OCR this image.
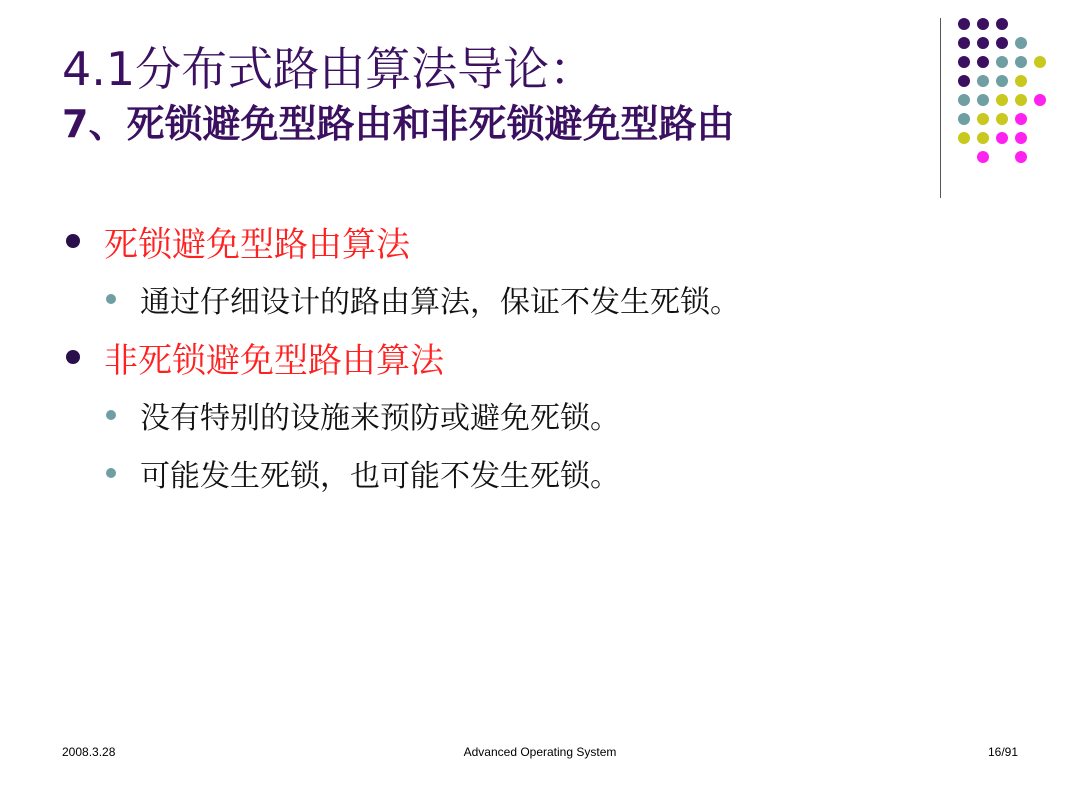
4.1分布式路由算法导论：
7、死锁避免型路由和非死锁避免型路由
死锁避免型路由算法
通过仔细设计的路由算法，保证不发生死锁。
非死锁避免型路由算法
没有特别的设施来预防或避免死锁。
可能发生死锁，也可能不发生死锁。
2008.3.28	Advanced Operating System	16/91
